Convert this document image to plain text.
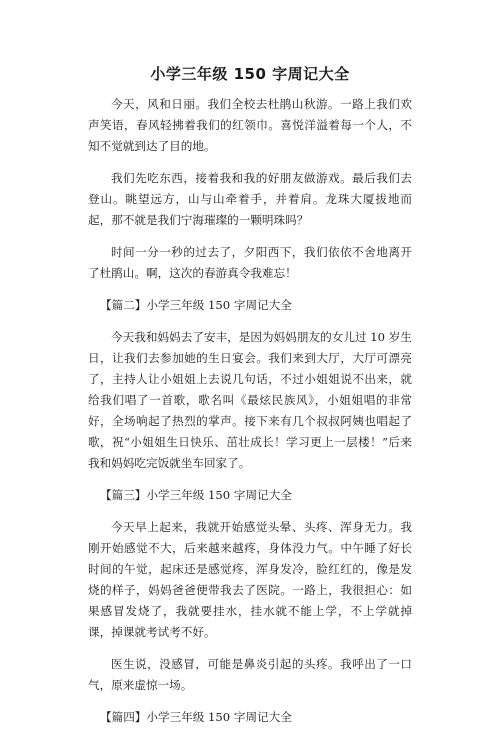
小学三年级 150 字周记大全

今天，风和日丽。我们全校去杜鹃山秋游。一路上我们欢声笑语，春风轻拂着我们的红领巾。喜悦洋溢着每一个人，不知不觉就到达了目的地。

我们先吃东西，接着我和我的好朋友做游戏。最后我们去登山。眺望远方，山与山牵着手，并着肩。龙珠大厦拔地而起，那不就是我们宁海璀璨的一颗明珠吗？

时间一分一秒的过去了，夕阳西下，我们依依不舍地离开了杜鹃山。啊，这次的春游真令我难忘！

【篇二】小学三年级 150 字周记大全

今天我和妈妈去了安丰，是因为妈妈朋友的女儿过 10 岁生日，让我们去参加她的生日宴会。我们来到大厅，大厅可漂亮了，主持人让小姐姐上去说几句话，不过小姐姐说不出来，就给我们唱了一首歌，歌名叫《最炫民族风》，小姐姐唱的非常好，全场响起了热烈的掌声。接下来有几个叔叔阿姨也唱起了歌，祝“小姐姐生日快乐、茁壮成长！学习更上一层楼！”后来我和妈妈吃完饭就坐车回家了。

【篇三】小学三年级 150 字周记大全

今天早上起来，我就开始感觉头晕、头疼、浑身无力。我刚开始感觉不大，后来越来越疼，身体没力气。中午睡了好长时间的午觉，起床还是感觉疼，浑身发冷，脸红红的，像是发烧的样子，妈妈爸爸便带我去了医院。一路上，我很担心：如果感冒发烧了，我就要挂水，挂水就不能上学，不上学就掉课，掉课就考试考不好。

医生说，没感冒，可能是鼻炎引起的头疼。我呼出了一口气，原来虚惊一场。

【篇四】小学三年级 150 字周记大全
